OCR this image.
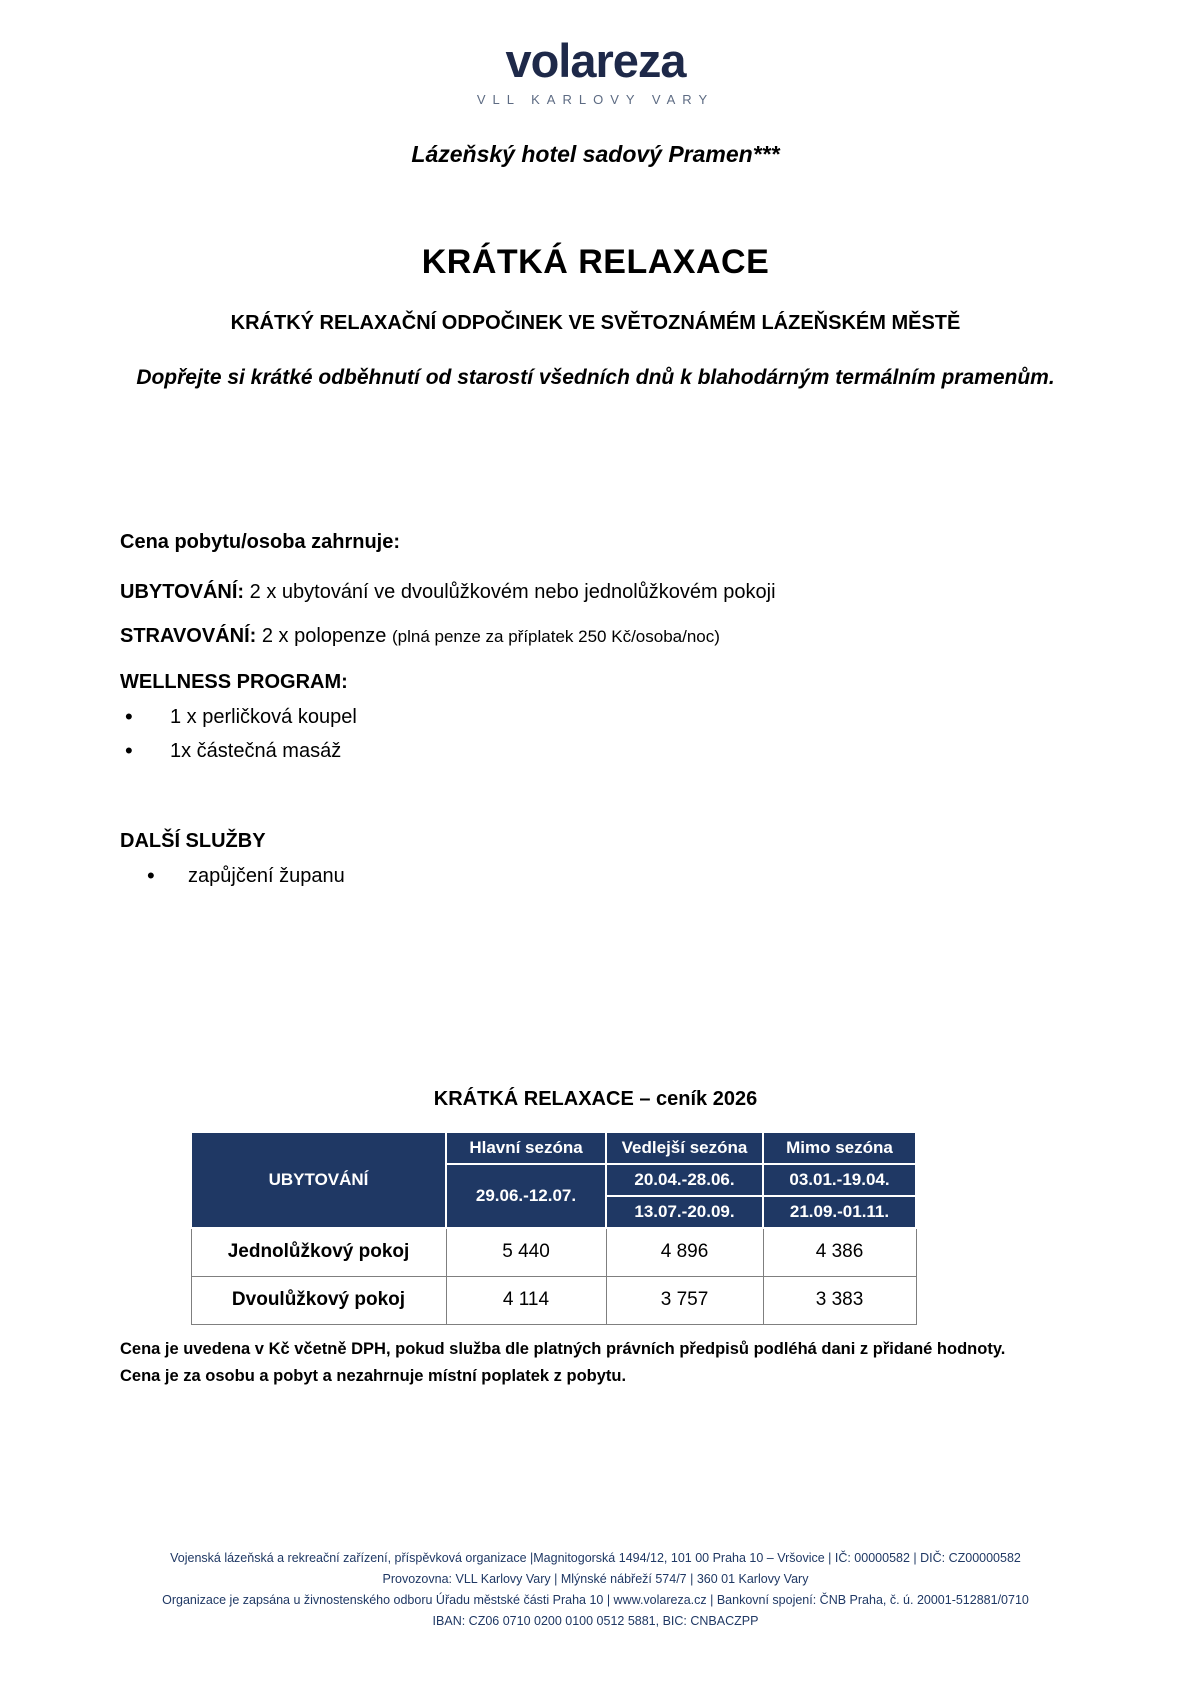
volareza
VLL KARLOVY VARY
Lázeňský hotel sadový Pramen***
KRÁTKÁ RELAXACE
KRÁTKÝ RELAXAČNÍ ODPOČINEK VE SVĚTOZNÁMÉM LÁZEŇSKÉM MĚSTĚ
Dopřejte si krátké odběhnutí od starostí všedních dnů k blahodárným termálním pramenům.
Cena pobytu/osoba zahrnuje:
UBYTOVÁNÍ: 2 x ubytování ve dvoulůžkovém nebo jednolůžkovém pokoji
STRAVOVÁNÍ: 2 x polopenze (plná penze za příplatek 250 Kč/osoba/noc)
WELLNESS PROGRAM:
• 1 x perličková koupel
• 1x částečná masáž
DALŠÍ SLUŽBY
• zapůjčení županu
KRÁTKÁ RELAXACE – ceník 2026
UBYTOVÁNÍ	Hlavní sezóna	Vedlejší sezóna	Mimo sezóna
	29.06.-12.07.	20.04.-28.06.	03.01.-19.04.
		13.07.-20.09.	21.09.-01.11.
Jednolůžkový pokoj	5 440	4 896	4 386
Dvoulůžkový pokoj	4 114	3 757	3 383

Cena je uvedena v Kč včetně DPH, pokud služba dle platných právních předpisů podléhá dani z přidané hodnoty.

Cena je za osobu a pobyt a nezahrnuje místní poplatek z pobytu.

Vojenská lázeňská a rekreační zařízení, příspěvková organizace |Magnitogorská 1494/12, 101 00 Praha 10 – Vršovice | IČ: 00000582 | DIČ: CZ00000582

Provozovna: VLL Karlovy Vary | Mlýnské nábřeží 574/7 | 360 01 Karlovy Vary

Organizace je zapsána u živnostenského odboru Úřadu městské části Praha 10 | www.volareza.cz | Bankovní spojení: ČNB Praha, č. ú. 20001-512881/0710

IBAN: CZ06 0710 0200 0100 0512 5881, BIC: CNBACZPP
